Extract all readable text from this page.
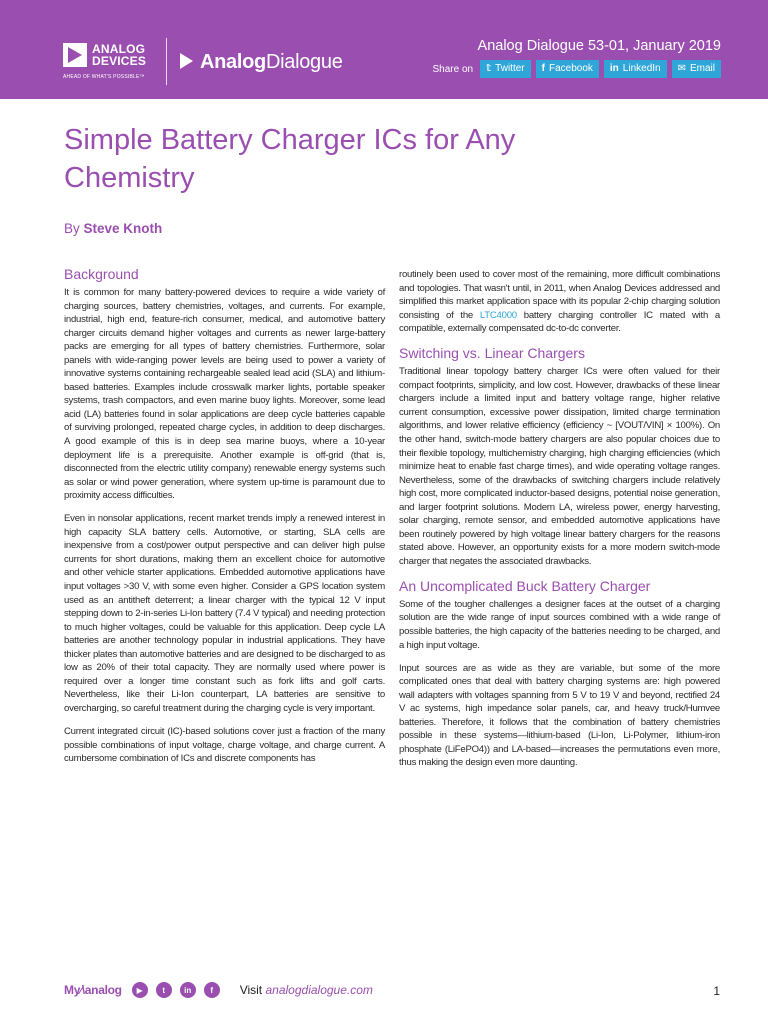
ANALOG
DEVICES
AHEAD OF WHAT'S POSSIBLE™
AnalogDialogue
Analog Dialogue 53-01, January 2019
Share on 𝕥 Twitter f Facebook in LinkedIn ✉ Email
Simple Battery Charger ICs for Any Chemistry
By Steve Knoth
Background

It is common for many battery-powered devices to require a wide variety of charging sources, battery chemistries, voltages, and currents. For example, industrial, high end, feature-rich consumer, medical, and automotive battery charger circuits demand higher voltages and currents as newer large-battery packs are emerging for all types of battery chemistries. Furthermore, solar panels with wide-ranging power levels are being used to power a variety of innovative systems containing rechargeable sealed lead acid (SLA) and lithium-based batteries. Examples include crosswalk marker lights, portable speaker systems, trash compactors, and even marine buoy lights. Moreover, some lead acid (LA) batteries found in solar applications are deep cycle batteries capable of surviving prolonged, repeated charge cycles, in addition to deep discharges. A good example of this is in deep sea marine buoys, where a 10-year deployment life is a prerequisite. Another example is off-grid (that is, disconnected from the electric utility company) renewable energy systems such as solar or wind power generation, where system up-time is paramount due to proximity access difficulties.

Even in nonsolar applications, recent market trends imply a renewed interest in high capacity SLA battery cells. Automotive, or starting, SLA cells are inexpensive from a cost/power output perspective and can deliver high pulse currents for short durations, making them an excellent choice for automotive and other vehicle starter applications. Embedded automotive applications have input voltages >30 V, with some even higher. Consider a GPS location system used as an antitheft deterrent; a linear charger with the typical 12 V input stepping down to 2-in-series Li-Ion battery (7.4 V typical) and needing protection to much higher voltages, could be valuable for this application. Deep cycle LA batteries are another technology popular in industrial applications. They have thicker plates than automotive batteries and are designed to be discharged to as low as 20% of their total capacity. They are normally used where power is required over a longer time constant such as fork lifts and golf carts. Nevertheless, like their Li-Ion counterpart, LA batteries are sensitive to overcharging, so careful treatment during the charging cycle is very important.

Current integrated circuit (IC)-based solutions cover just a fraction of the many possible combinations of input voltage, charge voltage, and charge current. A cumbersome combination of ICs and discrete components has

routinely been used to cover most of the remaining, more difficult combinations and topologies. That wasn't until, in 2011, when Analog Devices addressed and simplified this market application space with its popular 2-chip charging solution consisting of the LTC4000 battery charging controller IC mated with a compatible, externally compensated dc-to-dc converter.

Switching vs. Linear Chargers

Traditional linear topology battery charger ICs were often valued for their compact footprints, simplicity, and low cost. However, drawbacks of these linear chargers include a limited input and battery voltage range, higher relative current consumption, excessive power dissipation, limited charge termination algorithms, and lower relative efficiency (efficiency ~ [VOUT/VIN] × 100%). On the other hand, switch-mode battery chargers are also popular choices due to their flexible topology, multichemistry charging, high charging efficiencies (which minimize heat to enable fast charge times), and wide operating voltage ranges. Nevertheless, some of the drawbacks of switching chargers include relatively high cost, more complicated inductor-based designs, potential noise generation, and larger footprint solutions. Modern LA, wireless power, energy harvesting, solar charging, remote sensor, and embedded automotive applications have been routinely powered by high voltage linear battery chargers for the reasons stated above. However, an opportunity exists for a more modern switch-mode charger that negates the associated drawbacks.

An Uncomplicated Buck Battery Charger

Some of the tougher challenges a designer faces at the outset of a charging solution are the wide range of input sources combined with a wide range of possible batteries, the high capacity of the batteries needing to be charged, and a high input voltage.

Input sources are as wide as they are variable, but some of the more complicated ones that deal with battery charging systems are: high powered wall adapters with voltages spanning from 5 V to 19 V and beyond, rectified 24 V ac systems, high impedance solar panels, car, and heavy truck/Humvee batteries. Therefore, it follows that the combination of battery chemistries possible in these systems—lithium-based (Li-Ion, Li-Polymer, lithium-iron phosphate (LiFePO4)) and LA-based—increases the permutations even more, thus making the design even more daunting.

My∕\analog	▶	t	in	f	Visit analogdialogue.com	1
